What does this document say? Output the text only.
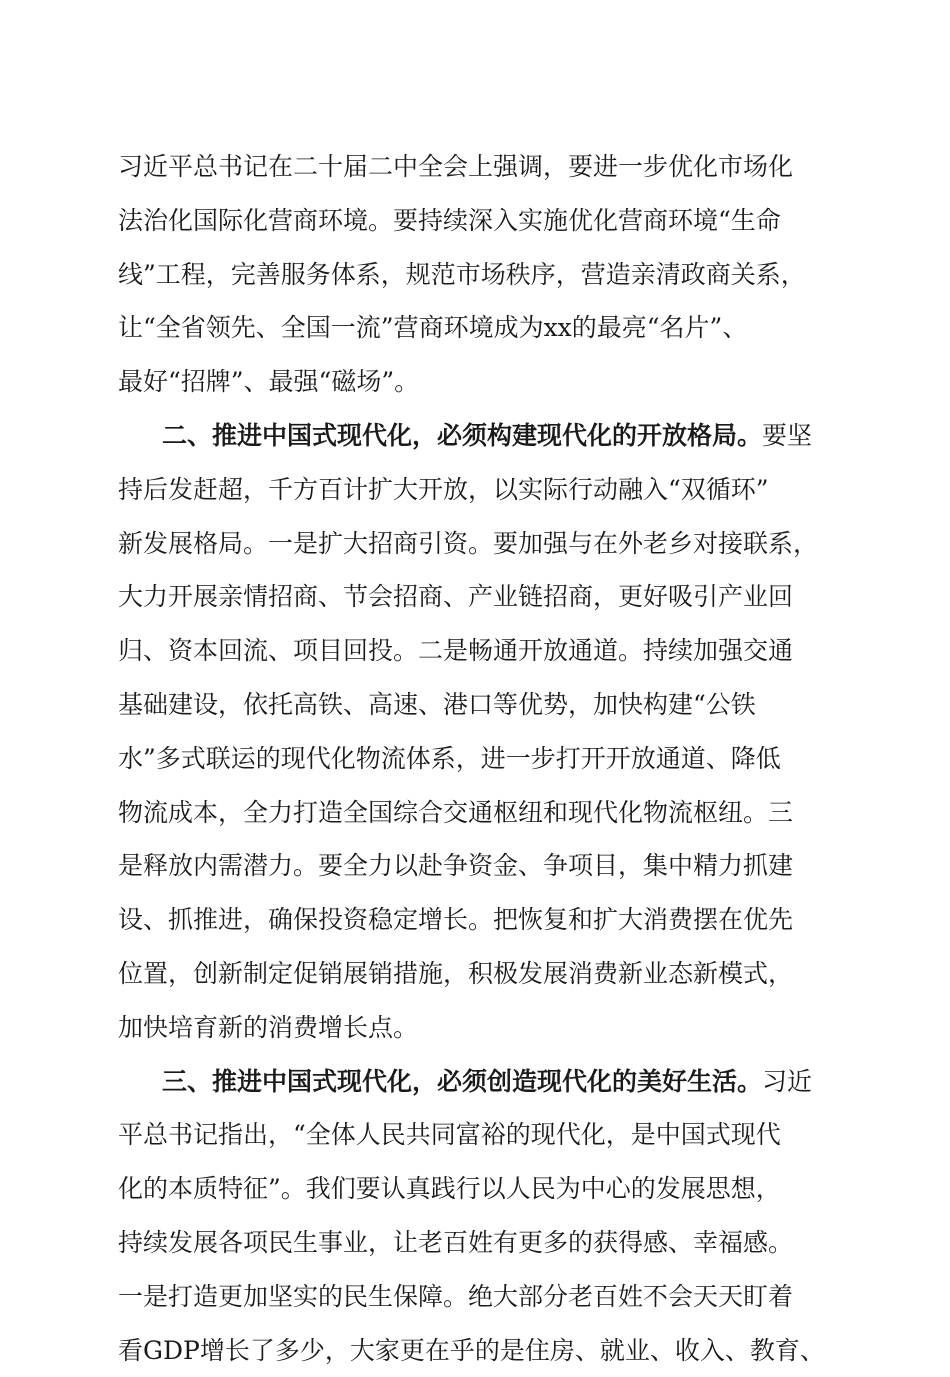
习近平总书记在二十届二中全会上强调，要进一步优化市场化
法治化国际化营商环境。要持续深入实施优化营商环境“生命
线”工程，完善服务体系，规范市场秩序，营造亲清政商关系，
让“全省领先、全国一流”营商环境成为xx的最亮“名片”、
最好“招牌”、最强“磁场”。
二、推进中国式现代化，必须构建现代化的开放格局。要坚
持后发赶超，千方百计扩大开放，以实际行动融入“双循环”
新发展格局。一是扩大招商引资。要加强与在外老乡对接联系，
大力开展亲情招商、节会招商、产业链招商，更好吸引产业回
归、资本回流、项目回投。二是畅通开放通道。持续加强交通
基础建设，依托高铁、高速、港口等优势，加快构建“公铁
水”多式联运的现代化物流体系，进一步打开开放通道、降低
物流成本，全力打造全国综合交通枢纽和现代化物流枢纽。三
是释放内需潜力。要全力以赴争资金、争项目，集中精力抓建
设、抓推进，确保投资稳定增长。把恢复和扩大消费摆在优先
位置，创新制定促销展销措施，积极发展消费新业态新模式，
加快培育新的消费增长点。
三、推进中国式现代化，必须创造现代化的美好生活。习近
平总书记指出，“全体人民共同富裕的现代化，是中国式现代
化的本质特征”。我们要认真践行以人民为中心的发展思想，
持续发展各项民生事业，让老百姓有更多的获得感、幸福感。
一是打造更加坚实的民生保障。绝大部分老百姓不会天天盯着
看GDP增长了多少，大家更在乎的是住房、就业、收入、教育、
